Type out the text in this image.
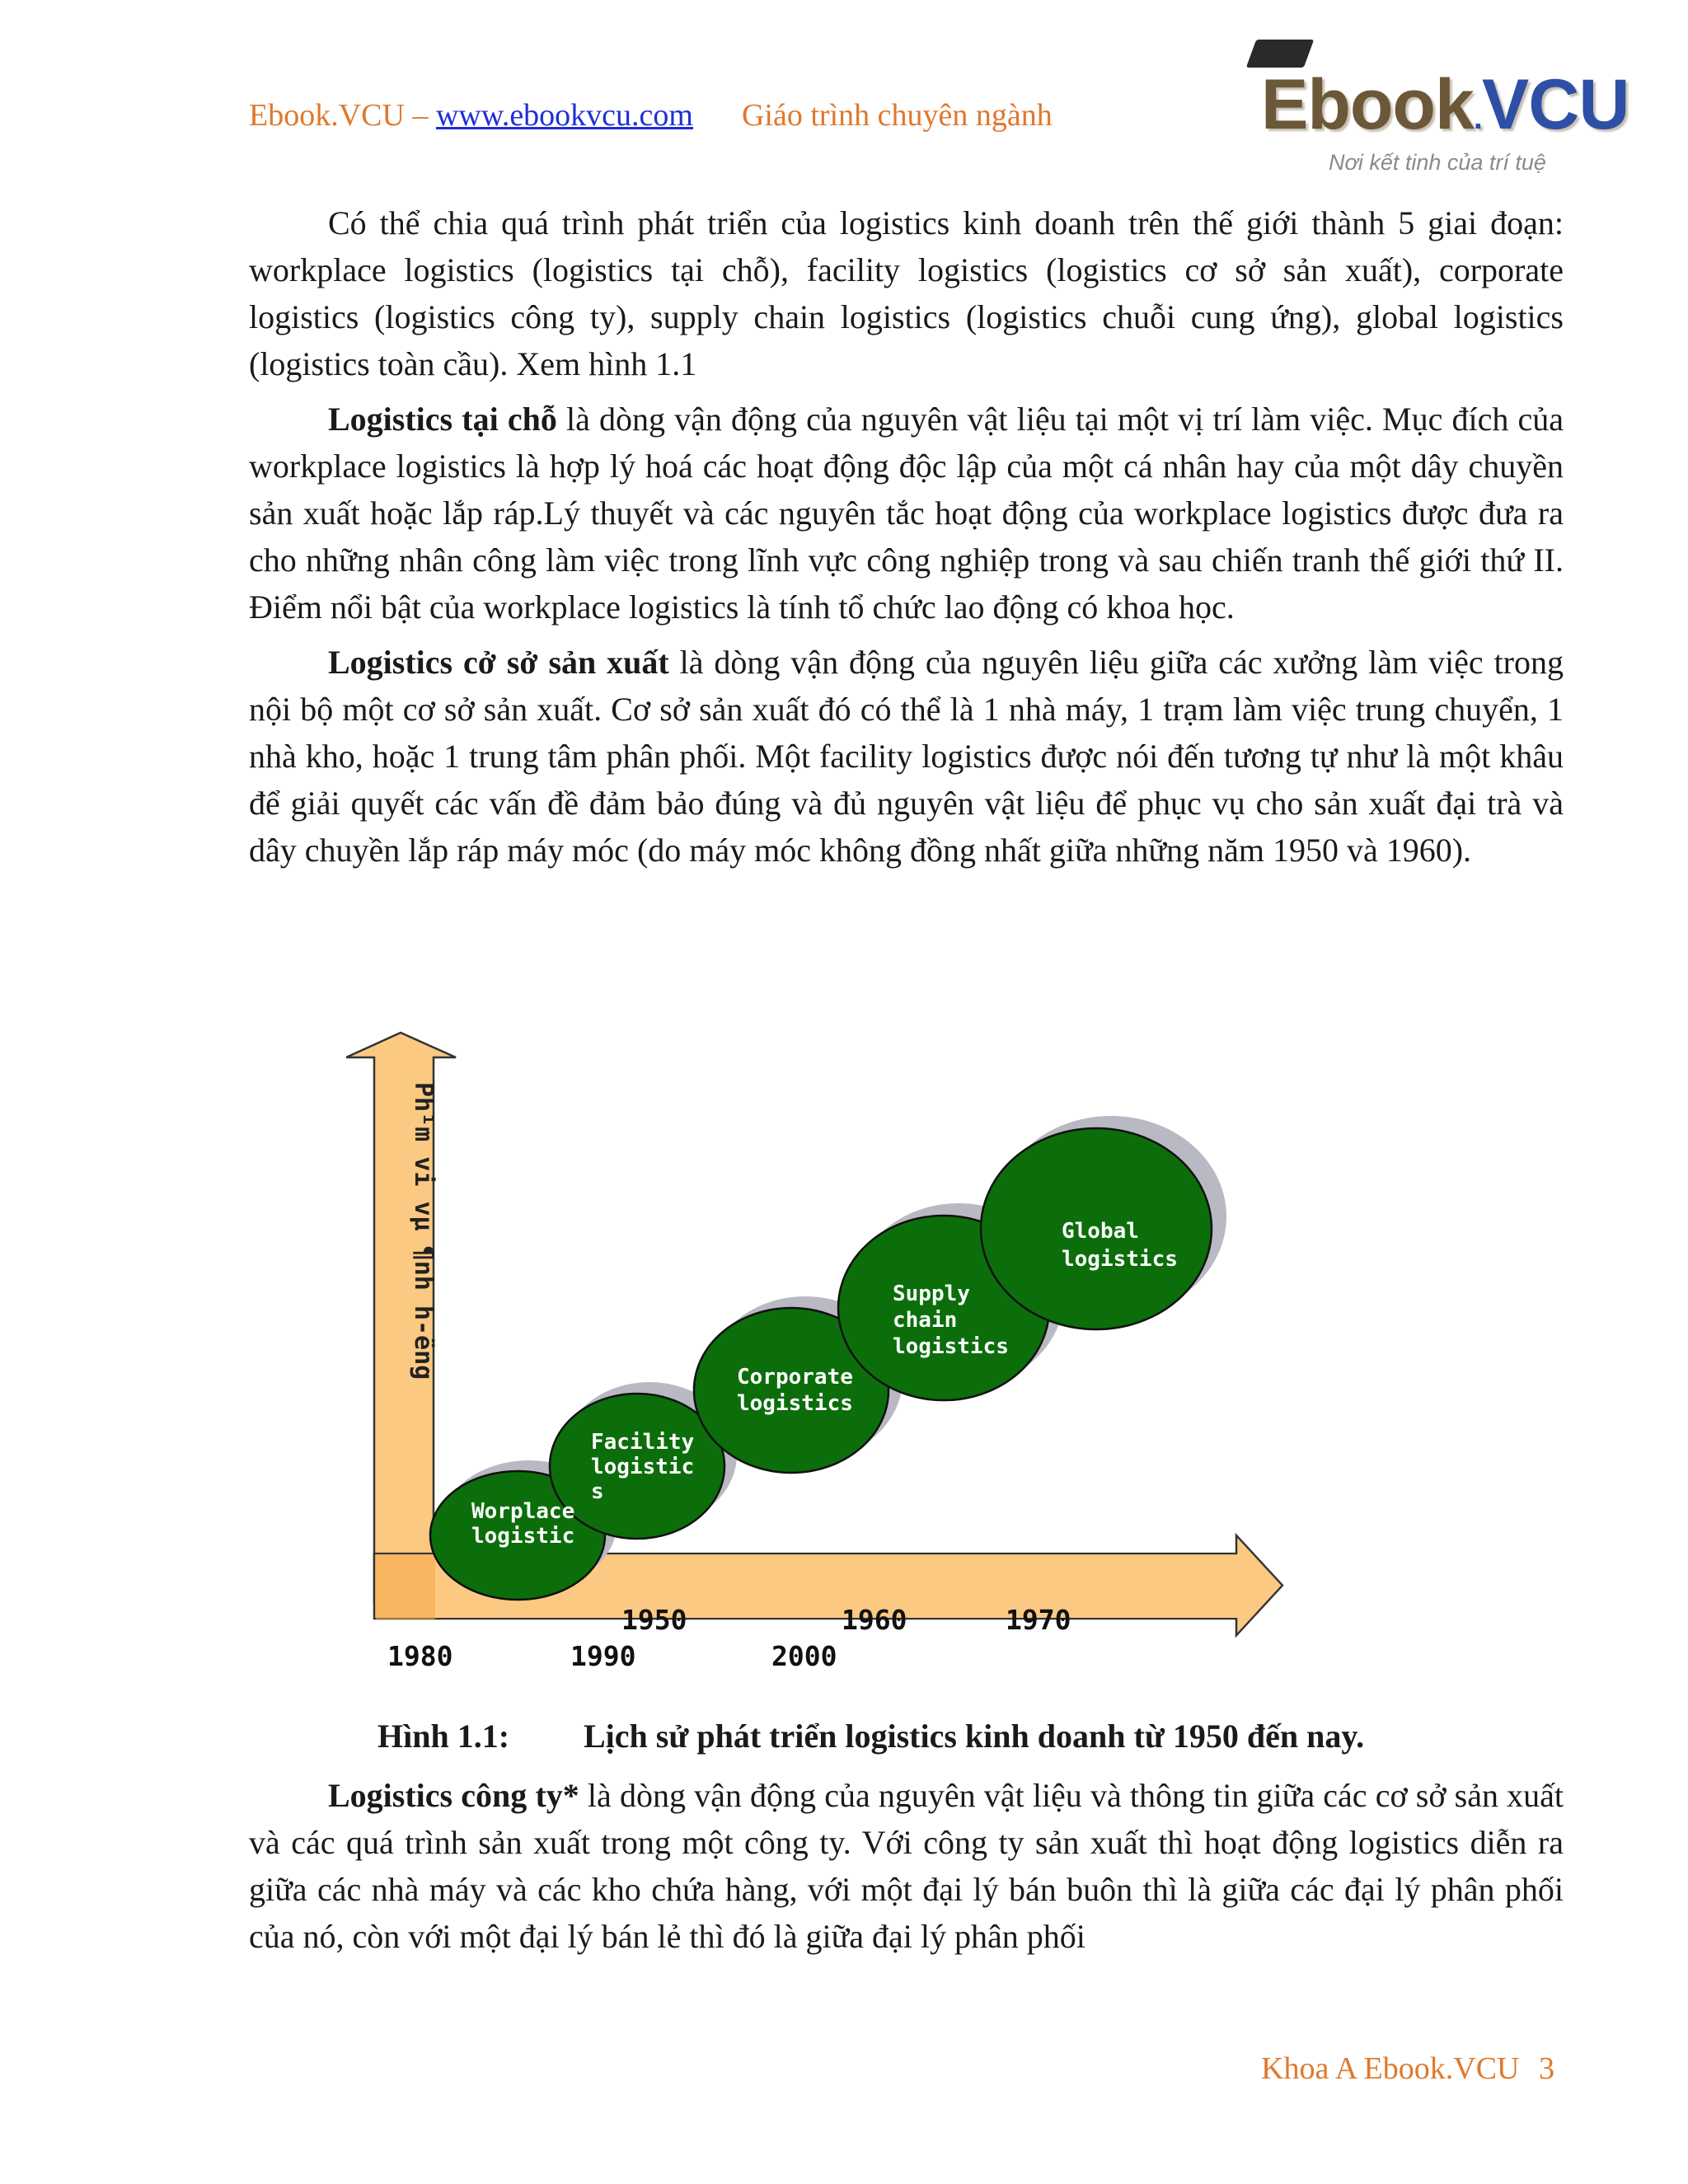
Ebook.VCU – www.ebookvcu.com Giáo trình chuyên ngành	Ebook.VCU
Nơi kết tinh của trí tuệ

Có thể chia quá trình phát triển của logistics kinh doanh trên thế giới thành 5 giai đoạn: workplace logistics (logistics tại chỗ), facility logistics (logistics cơ sở sản xuất), corporate logistics (logistics công ty), supply chain logistics (logistics chuỗi cung ứng), global logistics (logistics toàn cầu). Xem hình 1.1

Logistics tại chỗ là dòng vận động của nguyên vật liệu tại một vị trí làm việc. Mục đích của workplace logistics là hợp lý hoá các hoạt động độc lập của một cá nhân hay của một dây chuyền sản xuất hoặc lắp ráp.Lý thuyết và các nguyên tắc hoạt động của workplace logistics được đưa ra cho những nhân công làm việc trong lĩnh vực công nghiệp trong và sau chiến tranh thế giới thứ II. Điểm nổi bật của workplace logistics là tính tổ chức lao động có khoa học.

Logistics cở sở sản xuất là dòng vận động của nguyên liệu giữa các xưởng làm việc trong nội bộ một cơ sở sản xuất. Cơ sở sản xuất đó có thể là 1 nhà máy, 1 trạm làm việc trung chuyển, 1 nhà kho, hoặc 1 trung tâm phân phối. Một facility logistics được nói đến tương tự như là một khâu để giải quyết các vấn đề đảm bảo đúng và đủ nguyên vật liệu để phục vụ cho sản xuất đại trà và dây chuyền lắp ráp máy móc (do máy móc không đồng nhất giữa những năm 1950 và 1960).

Ph¹m vi vµ ¶nh h-ëng
Worplace logistic
Facility logistic s
Corporate logistics
Supply chain logistics
Global logistics
1950	1960	1970
1980	1990	2000
Hình 1.1: Lịch sử phát triển logistics kinh doanh từ 1950 đến nay.

Logistics công ty* là dòng vận động của nguyên vật liệu và thông tin giữa các cơ sở sản xuất và các quá trình sản xuất trong một công ty. Với công ty sản xuất thì hoạt động logistics diễn ra giữa các nhà máy và các kho chứa hàng, với một đại lý bán buôn thì là giữa các đại lý phân phối của nó, còn với một đại lý bán lẻ thì đó là giữa đại lý phân phối

Khoa A Ebook.VCU 3
